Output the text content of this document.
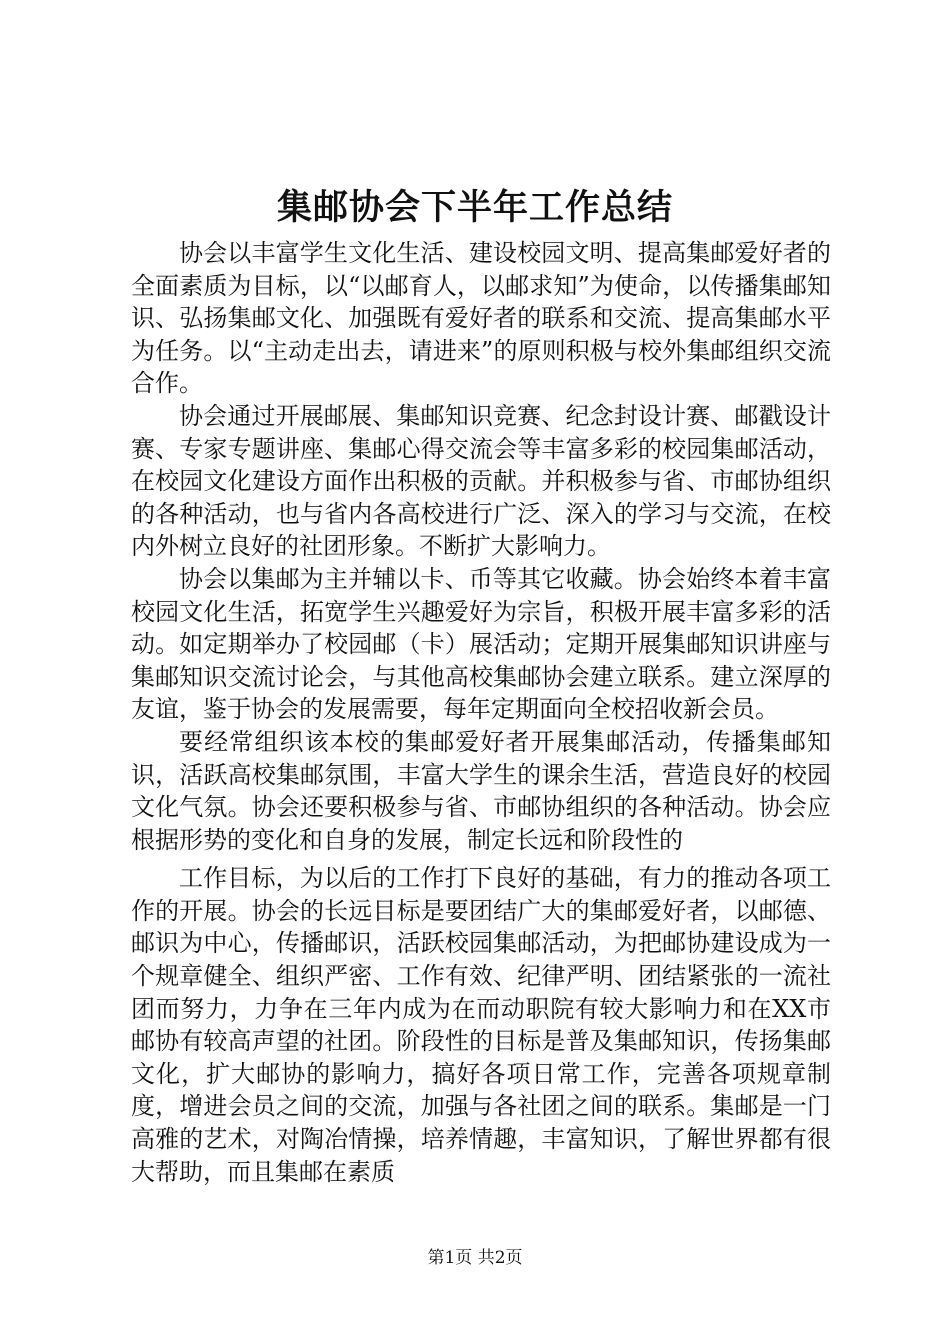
集邮协会下半年工作总结

协会以丰富学生文化生活、建设校园文明、提高集邮爱好者的全面素质为目标，以“以邮育人，以邮求知”为使命，以传播集邮知识、弘扬集邮文化、加强既有爱好者的联系和交流、提高集邮水平为任务。以“主动走出去，请进来”的原则积极与校外集邮组织交流合作。

协会通过开展邮展、集邮知识竞赛、纪念封设计赛、邮戳设计赛、专家专题讲座、集邮心得交流会等丰富多彩的校园集邮活动，在校园文化建设方面作出积极的贡献。并积极参与省、市邮协组织的各种活动，也与省内各高校进行广泛、深入的学习与交流，在校内外树立良好的社团形象。不断扩大影响力。

协会以集邮为主并辅以卡、币等其它收藏。协会始终本着丰富校园文化生活，拓宽学生兴趣爱好为宗旨，积极开展丰富多彩的活动。如定期举办了校园邮（卡）展活动；定期开展集邮知识讲座与集邮知识交流讨论会，与其他高校集邮协会建立联系。建立深厚的友谊，鉴于协会的发展需要，每年定期面向全校招收新会员。

要经常组织该本校的集邮爱好者开展集邮活动，传播集邮知识，活跃高校集邮氛围，丰富大学生的课余生活，营造良好的校园文化气氛。协会还要积极参与省、市邮协组织的各种活动。协会应根据形势的变化和自身的发展，制定长远和阶段性的

工作目标，为以后的工作打下良好的基础，有力的推动各项工作的开展。协会的长远目标是要团结广大的集邮爱好者，以邮德、邮识为中心，传播邮识，活跃校园集邮活动，为把邮协建设成为一个规章健全、组织严密、工作有效、纪律严明、团结紧张的一流社团而努力，力争在三年内成为在而动职院有较大影响力和在XX市邮协有较高声望的社团。阶段性的目标是普及集邮知识，传扬集邮文化，扩大邮协的影响力，搞好各项日常工作，完善各项规章制度，增进会员之间的交流，加强与各社团之间的联系。集邮是一门高雅的艺术，对陶冶情操，培养情趣，丰富知识，了解世界都有很大帮助，而且集邮在素质

第1页 共2页
